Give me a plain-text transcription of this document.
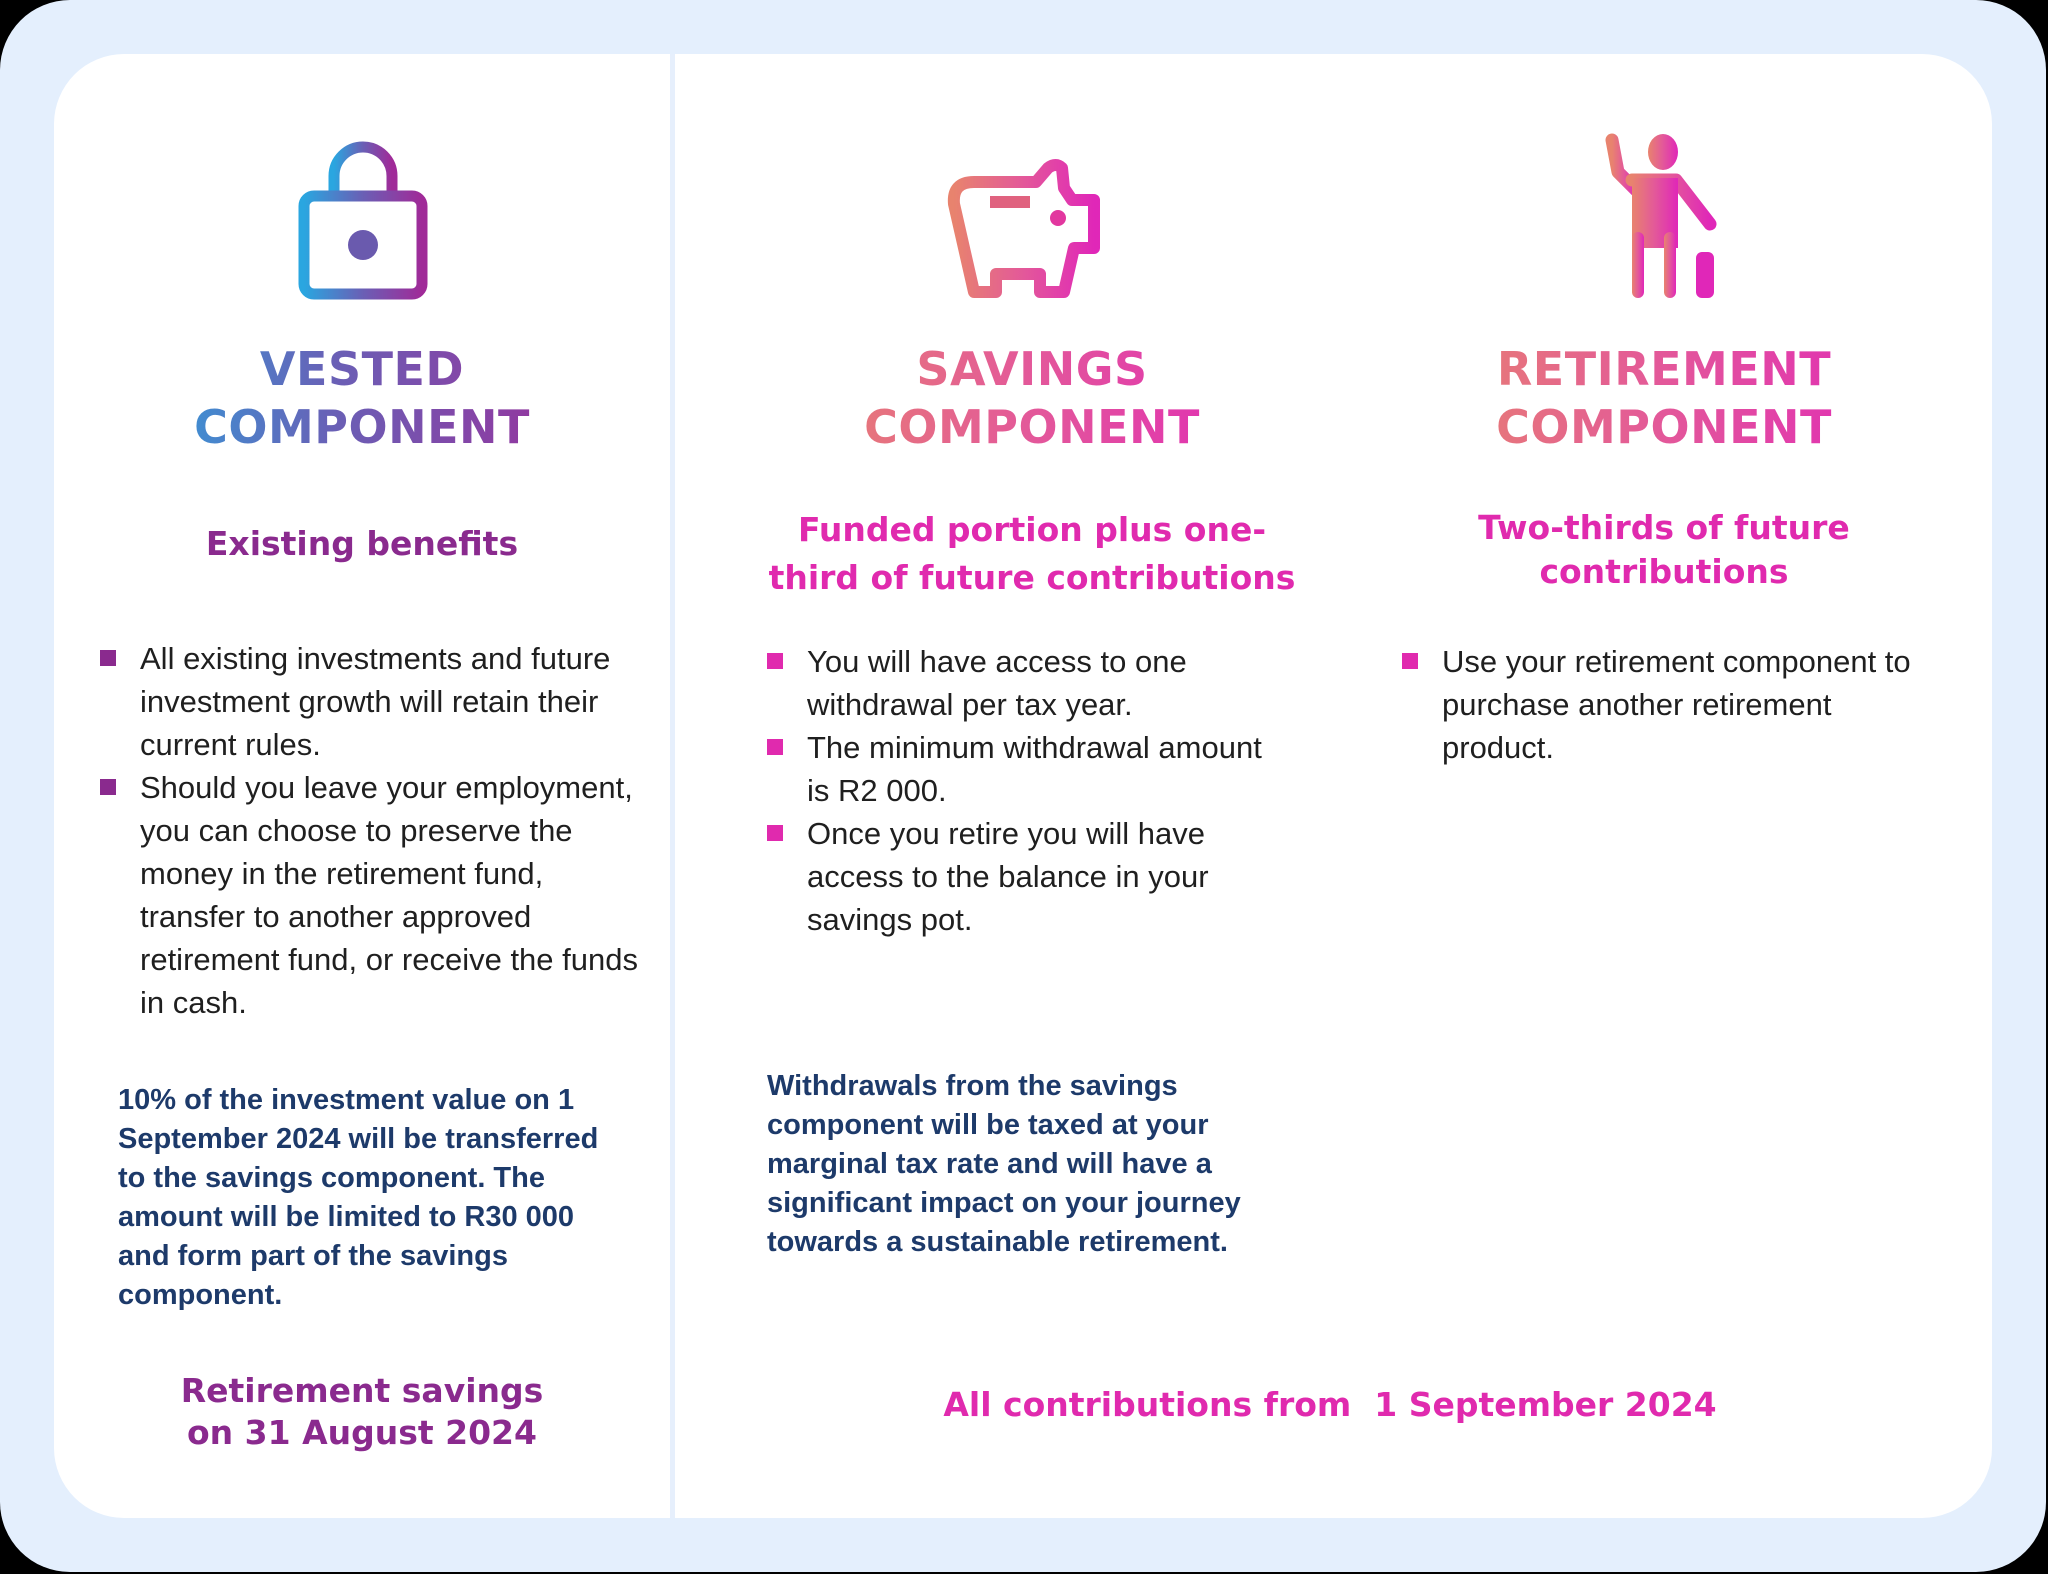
VESTED
COMPONENT
Existing benefits
All existing investments and future investment growth will retain their current rules.
Should you leave your employment, you can choose to preserve the money in the retirement fund, transfer to another approved retirement fund, or receive the funds in cash.
10% of the investment value on 1 September 2024 will be transferred to the savings component. The amount will be limited to R30 000 and form part of the savings component.
Retirement savings
on 31 August 2024
SAVINGS
COMPONENT
Funded portion plus one-
third of future contributions
You will have access to one withdrawal per tax year.
The minimum withdrawal amount is R2 000.
Once you retire you will have access to the balance in your savings pot.
Withdrawals from the savings component will be taxed at your marginal tax rate and will have a significant impact on your journey towards a sustainable retirement.
RETIREMENT
COMPONENT
Two-thirds of future
contributions
Use your retirement component to purchase another retirement product.
All contributions from  1 September 2024
